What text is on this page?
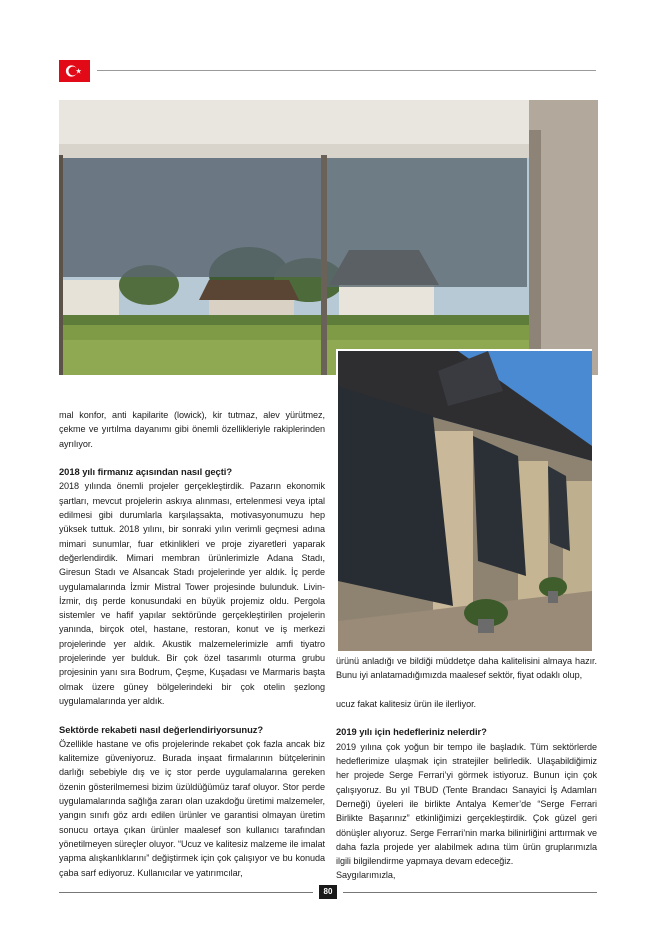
mal konfor, anti kapilarite (lowick), kir tutmaz, alev yürütmez, çekme ve yırtılma dayanımı gibi önemli özellikleriyle rakiplerinden ayrılıyor.

2018 yılı firmanız açısından nasıl geçti?

2018 yılında önemli projeler gerçekleştirdik. Pazarın ekonomik şartları, mevcut projelerin askıya alınması, ertelenmesi veya iptal edilmesi gibi durumlarla karşılaşsakta, motivasyonumuzu hep yüksek tuttuk. 2018 yılını, bir sonraki yılın verimli geçmesi adına mimari sunumlar, fuar etkinlikleri ve proje ziyaretleri yaparak değerlendirdik. Mimari membran ürünlerimizle Adana Stadı, Giresun Stadı ve Alsancak Stadı projelerinde yer aldık. İç perde uygulamalarında İzmir Mistral Tower projesinde bulunduk. Livin-İzmir, dış perde konusundaki en büyük projemiz oldu. Pergola sistemler ve hafif yapılar sektöründe gerçekleştirilen projelerin yanında, birçok otel, hastane, restoran, konut ve iş merkezi projelerinde yer aldık. Akustik malzemelerimizle amfi tiyatro projelerinde yer bulduk. Bir çok özel tasarımlı oturma grubu projesinin yanı sıra Bodrum, Çeşme, Kuşadası ve Marmaris başta olmak üzere güney bölgelerindeki bir çok otelin şezlong uygulamalarında yer aldık.

Sektörde rekabeti nasıl değerlendiriyorsunuz?

Özellikle hastane ve ofis projelerinde rekabet çok fazla ancak biz kalitemize güveniyoruz. Burada inşaat firmalarının bütçelerinin darlığı sebebiyle dış ve iç stor perde uygulamalarına gereken özenin gösterilmemesi bizim üzüldüğümüz taraf oluyor. Stor perde uygulamalarında sağlığa zararı olan uzakdoğu üretimi malzemeler, yangın sınıfı göz ardı edilen ürünler ve garantisi olmayan üretim sonucu ortaya çıkan ürünler maalesef son kullanıcı tarafından yönetilmeyen süreçler oluyor. “Ucuz ve kalitesiz malzeme ile imalat yapma alışkanlıklarını” değiştirmek için çok çalışıyor ve bu konuda çaba sarf ediyoruz. Kullanıcılar ve yatırımcılar,

ürünü anladığı ve bildiği müddetçe daha kalitelisini almaya hazır. Bunu iyi anlatamadığımızda maalesef sektör, fiyat odaklı olup,

ucuz fakat kalitesiz ürün ile ilerliyor.

2019 yılı için hedefleriniz nelerdir?

2019 yılına çok yoğun bir tempo ile başladık. Tüm sektörlerde hedeflerimize ulaşmak için stratejiler belirledik. Ulaşabildiğimiz her projede Serge Ferrari’yi görmek istiyoruz. Bunun için çok çalışıyoruz. Bu yıl TBUD (Tente Brandacı Sanayici İş Adamları Derneği) üyeleri ile birlikte Antalya Kemer’de “Serge Ferrari Birlikte Başarınız” etkinliğimizi gerçekleştirdik. Çok güzel geri dönüşler alıyoruz. Serge Ferrari’nin marka bilinirliğini arttırmak ve daha fazla projede yer alabilmek adına tüm ürün gruplarımızla ilgili bilgilendirme yapmaya devam edeceğiz.

Saygılarımızla,

80
